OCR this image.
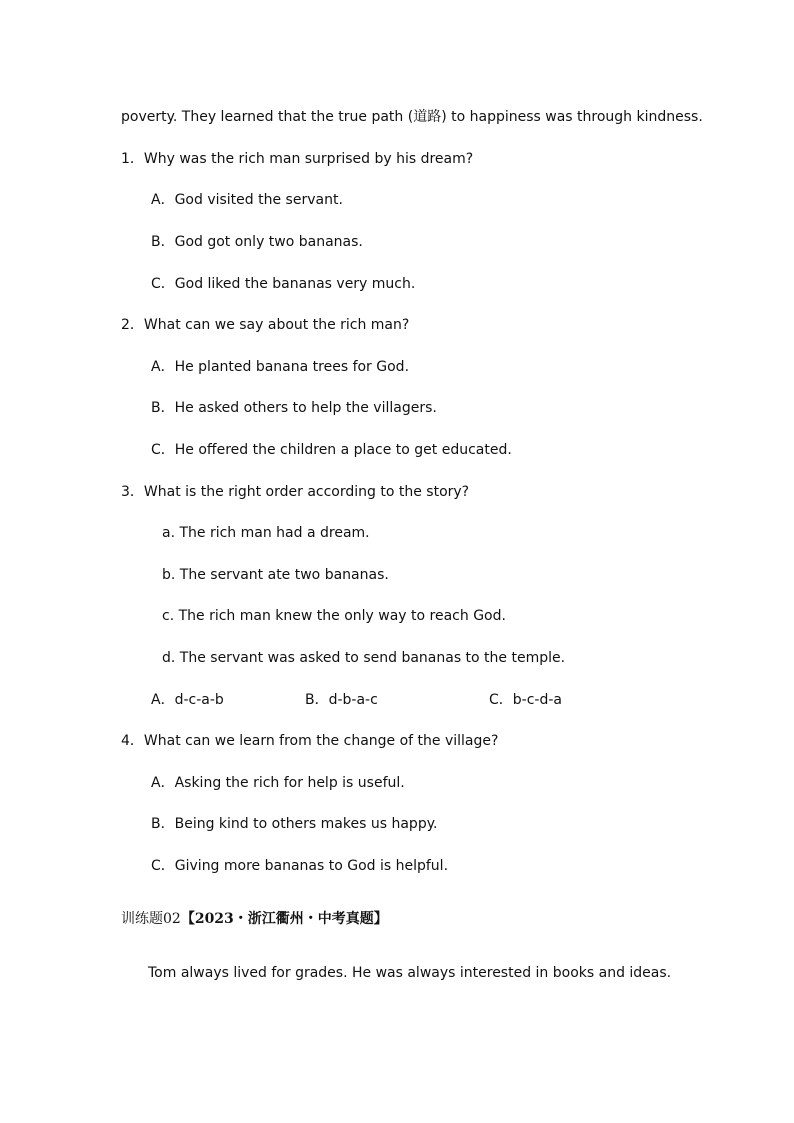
poverty. They learned that the true path (道路) to happiness was through kindness.
1．Why was the rich man surprised by his dream?
A．God visited the servant.
B．God got only two bananas.
C．God liked the bananas very much.
2．What can we say about the rich man?
A．He planted banana trees for God.
B．He asked others to help the villagers.
C．He offered the children a place to get educated.
3．What is the right order according to the story?
a. The rich man had a dream.
b. The servant ate two bananas.
c. The rich man knew the only way to reach God.
d. The servant was asked to send bananas to the temple.
A．d-c-a-b	B．d-b-a-c	C．b-c-d-a
4．What can we learn from the change of the village?
A．Asking the rich for help is useful.
B．Being kind to others makes us happy.
C．Giving more bananas to God is helpful.
训练题02【2023・浙江衢州・中考真题】
Tom always lived for grades. He was always interested in books and ideas.
